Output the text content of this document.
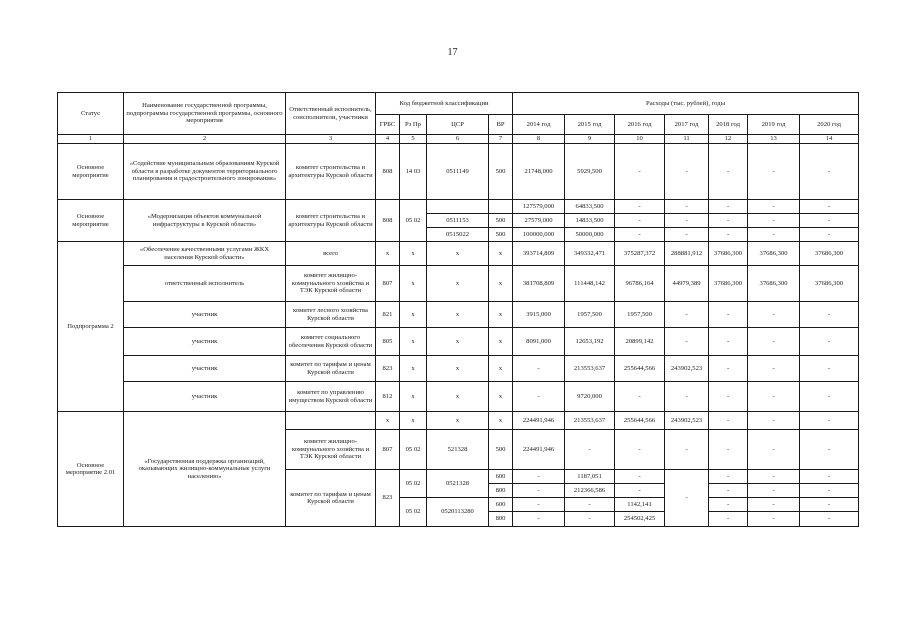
17
Статус	Наименование государственной программы, подпрограммы государственной программы, основного мероприятия	Ответственный исполнитель, соисполнители, участники	Код бюджетной классификации				Расходы (тыс. рублей), годы						
			ГРБС	Рз Пр	ЦСР	ВР	2014 год	2015 год	2016 год	2017 год	2018 год	2019 год	2020 год
1	2	3	4	5	6	7	8	9	10	11	12	13	14
Основное мероприятие	«Содействие муниципальным образованиям Курской области в разработке документов территориального планирования и градостроительного зонирования»	комитет строительства и архитектуры Курской области	808	14 03	0511149	500	21748,000	5929,500	-	-	-	-	-
Основное мероприятие	«Модернизация объектов коммунальной инфраструктуры в Курской области»	комитет строительства и архитектуры Курской области	808	05 02			127579,000	64833,500	-	-	-	-	-
					0511153	500	27579,000	14833,500	-	-	-	-	-
					0515022	500	100000,000	50000,000	-	-	-	-	-
Подпрограмма 2	«Обеспечение качественными услугами ЖКХ населения Курской области»	всего	х	х	х	х	393714,809	349332,471	375287,372	288881,912	37686,300	37686,300	37686,300
	ответственный исполнитель	комитет жилищно-коммунального хозяйства и ТЭК Курской области	807	х	х	х	381708,809	111448,142	96786,164	44979,389	37686,300	37686,300	37686,300
	участник	комитет лесного хозяйства Курской области	821	х	х	х	3915,000	1957,500	1957,500	-	-	-	-
	участник	комитет социального обеспечения Курской области	805	х	х	х	8091,000	12653,192	20899,142	-	-	-	-
	участник	комитет по тарифам и ценам Курской области	823	х	х	х	-	213553,637	255644,566	243902,523	-	-	-
	участник	комитет по управлению имуществом Курской области	812	х	х	х	-	9720,000	-	-	-	-	-
Основное мероприятие 2.01	«Государственная поддержка организаций, оказывающих жилищно-коммунальные услуги населению»		х	х	х	х	224491,946	213553,637	255644,566	243902,523	-	-	-
		комитет жилищно-коммунального хозяйства и ТЭК Курской области	807	05 02	521328	500	224491,946	-	-	-	-	-	-
		комитет по тарифам и ценам Курской области	823	05 02	0521328	600	-	1187,051	-	-	-	-	-
						800	-	212366,586	-		-	-	-
				05 02	0520113280	600	-	-	1142,141		-	-	-
						800	-	-	254502,425		-	-	-
